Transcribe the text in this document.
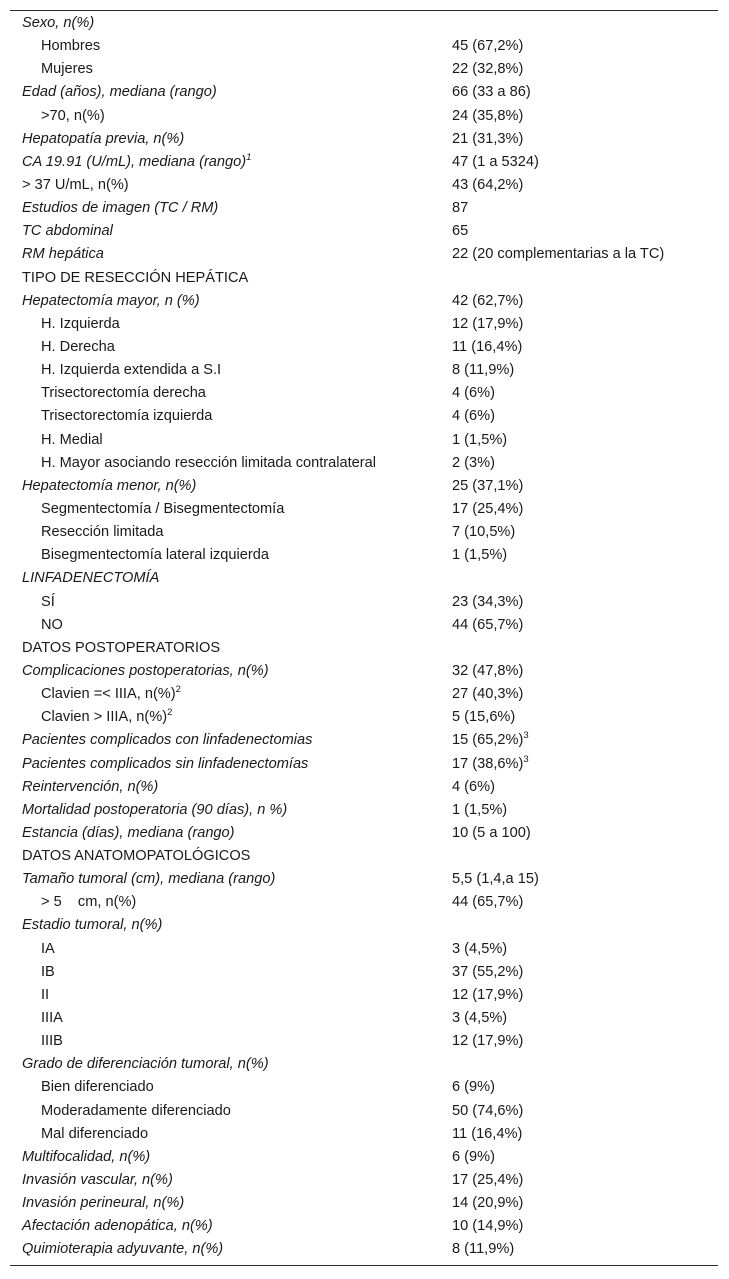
Sexo, n(%)
Hombres	45 (67,2%)
Mujeres	22 (32,8%)
Edad (años), mediana (rango)	66 (33 a 86)
>70, n(%)	24 (35,8%)
Hepatopatía previa, n(%)	21 (31,3%)
CA 19.91 (U/mL), mediana (rango)$^1$	47 (1 a 5324)
> 37 U/mL, n(%)	43 (64,2%)
Estudios de imagen (TC / RM)	87
TC abdominal	65
RM hepática	22 (20 complementarias a la TC)
TIPO DE RESECCIÓN HEPÁTICA
Hepatectomía mayor, n (%)	42 (62,7%)
H. Izquierda	12 (17,9%)
H. Derecha	11 (16,4%)
H. Izquierda extendida a S.I	8 (11,9%)
Trisectorectomía derecha	4 (6%)
Trisectorectomía izquierda	4 (6%)
H. Medial	1 (1,5%)
H. Mayor asociando resección limitada contralateral	2 (3%)
Hepatectomía menor, n(%)	25 (37,1%)
Segmentectomía / Bisegmentectomía	17 (25,4%)
Resección limitada	7 (10,5%)
Bisegmentectomía lateral izquierda	1 (1,5%)
LINFADENECTOMÍA
SÍ	23 (34,3%)
NO	44 (65,7%)
DATOS POSTOPERATORIOS
Complicaciones postoperatorias, n(%)	32 (47,8%)
Clavien =< IIIA, n(%)$^2$	27 (40,3%)
Clavien > IIIA, n(%)$^2$	5 (15,6%)
Pacientes complicados con linfadenectomias	15 $(65,2\%)^3$
Pacientes complicados sin linfadenectomías	17 $(38,6\%)^3$
Reintervención, n(%)	4 (6%)
Mortalidad postoperatoria (90 días), n %)	1 (1,5%)
Estancia (días), mediana (rango)	10 (5 a 100)
DATOS ANATOMOPATOLÓGICOS
Tamaño tumoral (cm), mediana (rango)	5,5 (1,4,a 15)
> 5    cm, n(%)	44 (65,7%)
Estadio tumoral, n(%)
IA	3 (4,5%)
IB	37 (55,2%)
II	12 (17,9%)
IIIA	3 (4,5%)
IIIB	12 (17,9%)
Grado de diferenciación tumoral, n(%)
Bien diferenciado	6 (9%)
Moderadamente diferenciado	50 (74,6%)
Mal diferenciado	11 (16,4%)
Multifocalidad, n(%)	6 (9%)
Invasión vascular, n(%)	17 (25,4%)
Invasión perineural, n(%)	14 (20,9%)
Afectación adenopática, n(%)	10 (14,9%)
Quimioterapia adyuvante, n(%)	8 (11,9%)
